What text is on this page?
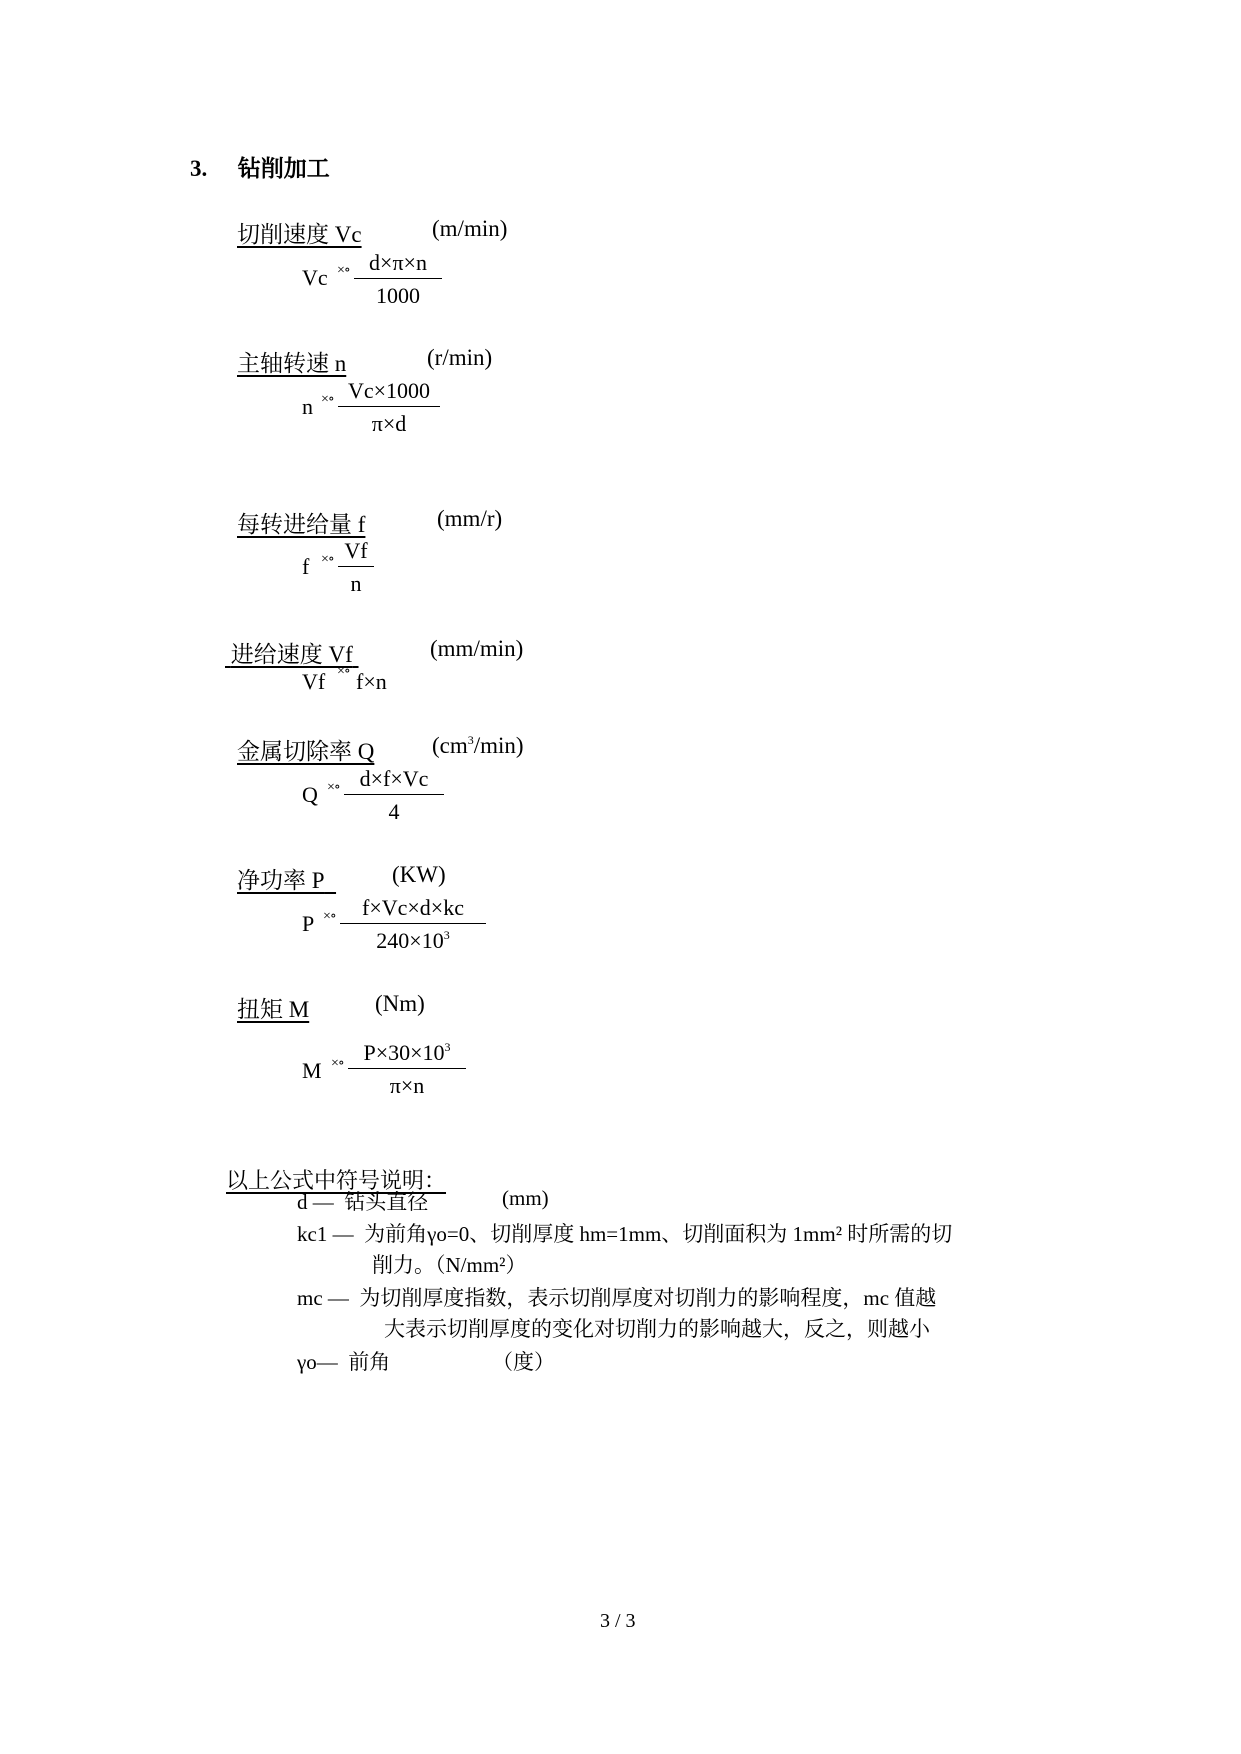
3. 钻削加工
切削速度 Vc	(m/min)
Vc ×∘ $\frac{d\times\pi\times n}{1000}$
主轴转速 n	(r/min)
n ×∘ $\frac{Vc\times 1000}{\pi\times d}$
每转进给量 f	(mm/r)
f ×∘ $\frac{Vf}{n}$
进给速度 Vf	(mm/min)
Vf ×∘ f×n
金属切除率 Q	$(cm^3/\min)$
Q ×∘ $\frac{d\times f\times Vc}{4}$
净功率 P	(KW)
P ×∘ $\frac{f\times Vc\times d\times kc}{240\times 10^3}$
扭矩 M	(Nm)
M ×∘ $\frac{P\times 30\times 10^3}{\pi\times n}$
以上公式中符号说明：
d — 钻头直径	(mm)
kc1 — 为前角γo=0、切削厚度 hm=1mm、切削面积为 1mm² 时所需的切
削力。（N/mm²）
mc — 为切削厚度指数，表示切削厚度对切削力的影响程度，mc 值越
大表示切削厚度的变化对切削力的影响越大，反之，则越小
γo— 前角	（度）
3 / 3
